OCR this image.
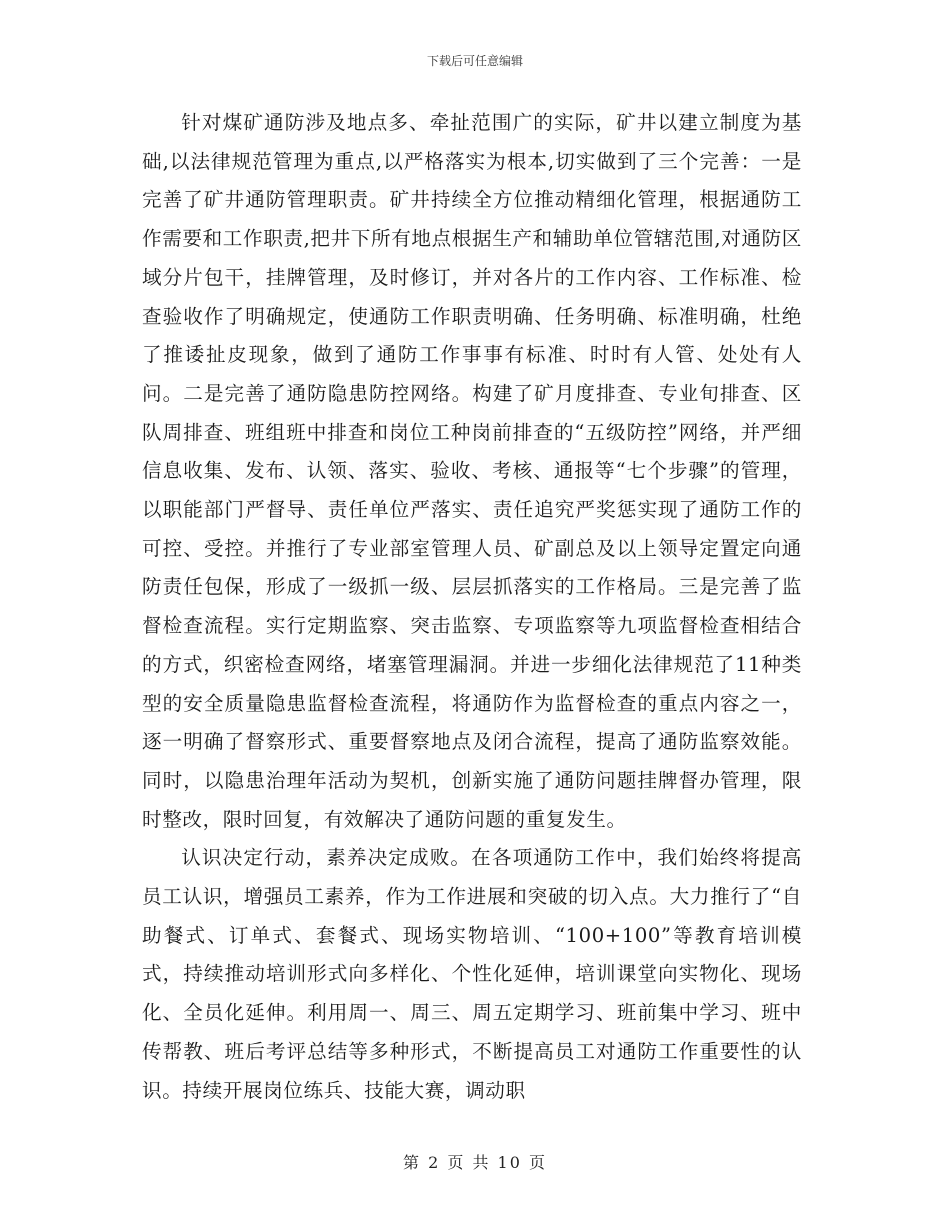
下载后可任意编辑

针对煤矿通防涉及地点多、牵扯范围广的实际，矿井以建立制度为基础,以法律规范管理为重点,以严格落实为根本,切实做到了三个完善：一是完善了矿井通防管理职责。矿井持续全方位推动精细化管理，根据通防工作需要和工作职责,把井下所有地点根据生产和辅助单位管辖范围,对通防区域分片包干，挂牌管理，及时修订，并对各片的工作内容、工作标准、检查验收作了明确规定，使通防工作职责明确、任务明确、标准明确，杜绝了推诿扯皮现象，做到了通防工作事事有标准、时时有人管、处处有人问。二是完善了通防隐患防控网络。构建了矿月度排查、专业旬排查、区队周排查、班组班中排查和岗位工种岗前排查的“五级防控”网络，并严细信息收集、发布、认领、落实、验收、考核、通报等“七个步骤”的管理，以职能部门严督导、责任单位严落实、责任追究严奖惩实现了通防工作的可控、受控。并推行了专业部室管理人员、矿副总及以上领导定置定向通防责任包保，形成了一级抓一级、层层抓落实的工作格局。三是完善了监督检查流程。实行定期监察、突击监察、专项监察等九项监督检查相结合的方式，织密检查网络，堵塞管理漏洞。并进一步细化法律规范了11种类型的安全质量隐患监督检查流程，将通防作为监督检查的重点内容之一，逐一明确了督察形式、重要督察地点及闭合流程，提高了通防监察效能。同时，以隐患治理年活动为契机，创新实施了通防问题挂牌督办管理，限时整改，限时回复，有效解决了通防问题的重复发生。

认识决定行动，素养决定成败。在各项通防工作中，我们始终将提高员工认识，增强员工素养，作为工作进展和突破的切入点。大力推行了“自助餐式、订单式、套餐式、现场实物培训、“100+100”等教育培训模式，持续推动培训形式向多样化、个性化延伸，培训课堂向实物化、现场化、全员化延伸。利用周一、周三、周五定期学习、班前集中学习、班中传帮教、班后考评总结等多种形式，不断提高员工对通防工作重要性的认识。持续开展岗位练兵、技能大赛，调动职

第 2 页 共 10 页
